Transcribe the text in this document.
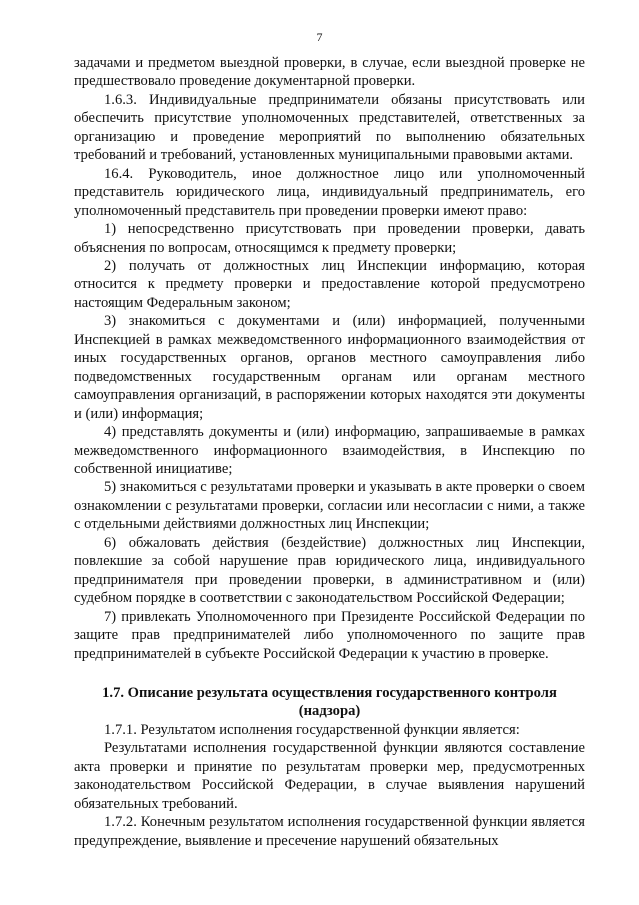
7

задачами и предметом выездной проверки, в случае, если выездной проверке не предшествовало проведение документарной проверки.

1.6.3. Индивидуальные предприниматели обязаны присутствовать или обеспечить присутствие уполномоченных представителей, ответственных за организацию и проведение мероприятий по выполнению обязательных требований и требований, установленных муниципальными правовыми актами.

16.4. Руководитель, иное должностное лицо или уполномоченный представитель юридического лица, индивидуальный предприниматель, его уполномоченный представитель при проведении проверки имеют право:

1) непосредственно присутствовать при проведении проверки, давать объяснения по вопросам, относящимся к предмету проверки;

2) получать от должностных лиц Инспекции информацию, которая относится к предмету проверки и предоставление которой предусмотрено настоящим Федеральным законом;

3) знакомиться с документами и (или) информацией, полученными Инспекцией в рамках межведомственного информационного взаимодействия от иных государственных органов, органов местного самоуправления либо подведомственных государственным органам или органам местного самоуправления организаций, в распоряжении которых находятся эти документы и (или) информация;

4) представлять документы и (или) информацию, запрашиваемые в рамках межведомственного информационного взаимодействия, в Инспекцию по собственной инициативе;

5) знакомиться с результатами проверки и указывать в акте проверки о своем ознакомлении с результатами проверки, согласии или несогласии с ними, а также с отдельными действиями должностных лиц Инспекции;

6) обжаловать действия (бездействие) должностных лиц Инспекции, повлекшие за собой нарушение прав юридического лица, индивидуального предпринимателя при проведении проверки, в административном и (или) судебном порядке в соответствии с законодательством Российской Федерации;

7) привлекать Уполномоченного при Президенте Российской Федерации по защите прав предпринимателей либо уполномоченного по защите прав предпринимателей в субъекте Российской Федерации к участию в проверке.

1.7. Описание результата осуществления государственного контроля (надзора)

1.7.1. Результатом исполнения государственной функции является:

Результатами исполнения государственной функции являются составление акта проверки и принятие по результатам проверки мер, предусмотренных законодательством Российской Федерации, в случае выявления нарушений обязательных требований.

1.7.2. Конечным результатом исполнения государственной функции является предупреждение, выявление и пресечение нарушений обязательных
